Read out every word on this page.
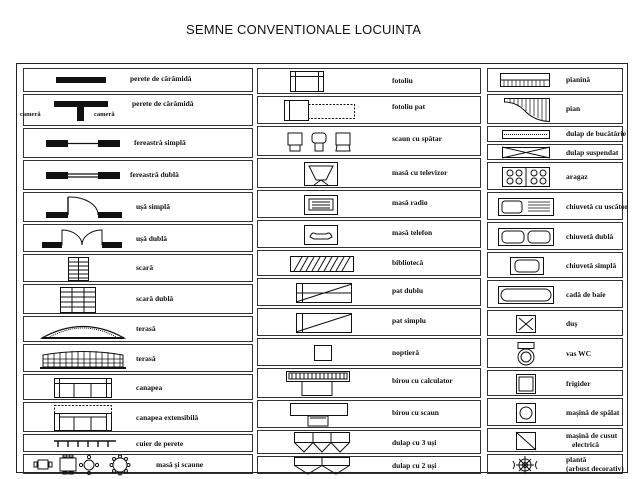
SEMNE CONVENTIONALE LOCUINTA
perete de cărămidă
cameră	cameră
perete de cărămidă
fereastră simplă
fereastră dublă
ușă simplă
ușă dublă
scară
scară dublă
terasă
terasă
canapea
canapea extensibilă
cuier de perete
masă și scaune
fotoliu
fotoliu pat
scaun cu spătar
masă cu televizor
masă radio
masă telefon
bibliotecă
pat dublu
pat simplu
noptieră
birou cu calculator
birou cu scaun
dulap cu 3 uși
dulap cu 2 uși
pianină
pian
dulap de bucătărie
dulap suspendat
aragaz
chiuvetă cu uscător
chiuvetă dublă
chiuvetă simplă
cadă de baie
duș
vas WC
frigider
mașină de spălat
mașină de cusut
electrică
plantă
(arbust decorativ)
